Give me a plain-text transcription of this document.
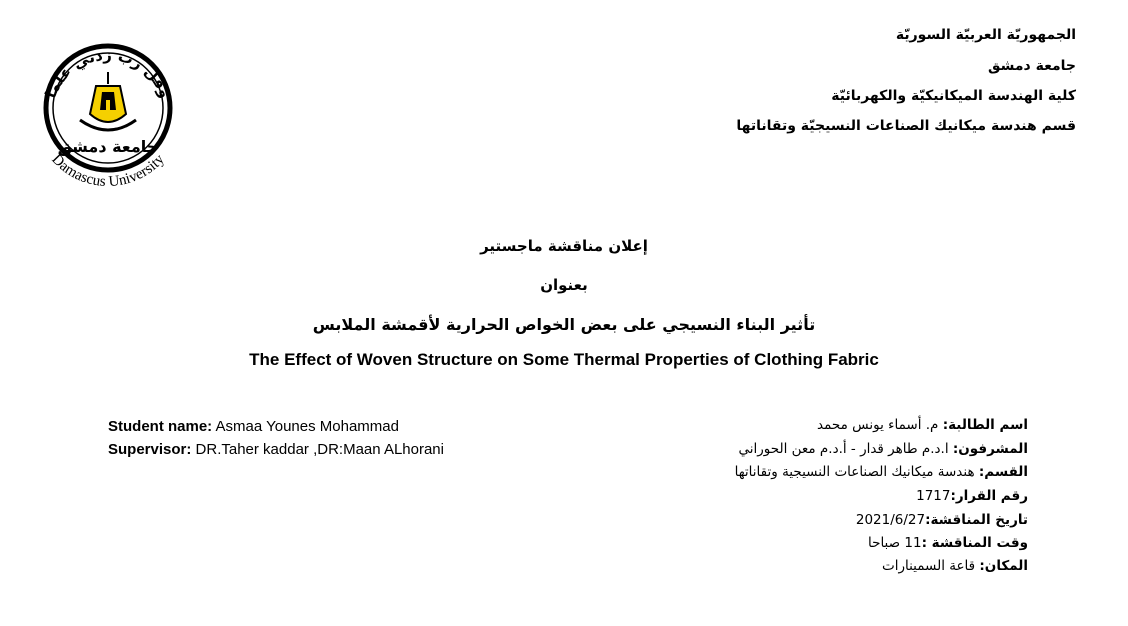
وقل رب زدني علما
جامعة دمشق
Damascus University
الجمهوريّة العربيّة السوريّة
جامعة دمشق
كلية الهندسة الميكانيكيّة والكهربائيّة
قسم هندسة ميكانيك الصناعات النسيجيّة وتقاناتها
إعلان مناقشة ماجستير
بعنوان
تأثير البناء النسيجي على بعض الخواص الحرارية لأقمشة الملابس
The Effect of Woven Structure on Some Thermal Properties of Clothing Fabric
Student name: Asmaa Younes Mohammad
Supervisor: DR.Taher kaddar ,DR:Maan ALhorani
اسم الطالبة: م. أسماء يونس محمد
المشرفون: ا.د.م طاهر قدار - أ.د.م معن الحوراني
القسم: هندسة ميكانيك الصناعات النسيجية وتقاناتها
رقم القرار:1717
تاريخ المناقشة:2021/6/27
وقت المناقشة :11 صباحا
المكان: قاعة السمينارات
